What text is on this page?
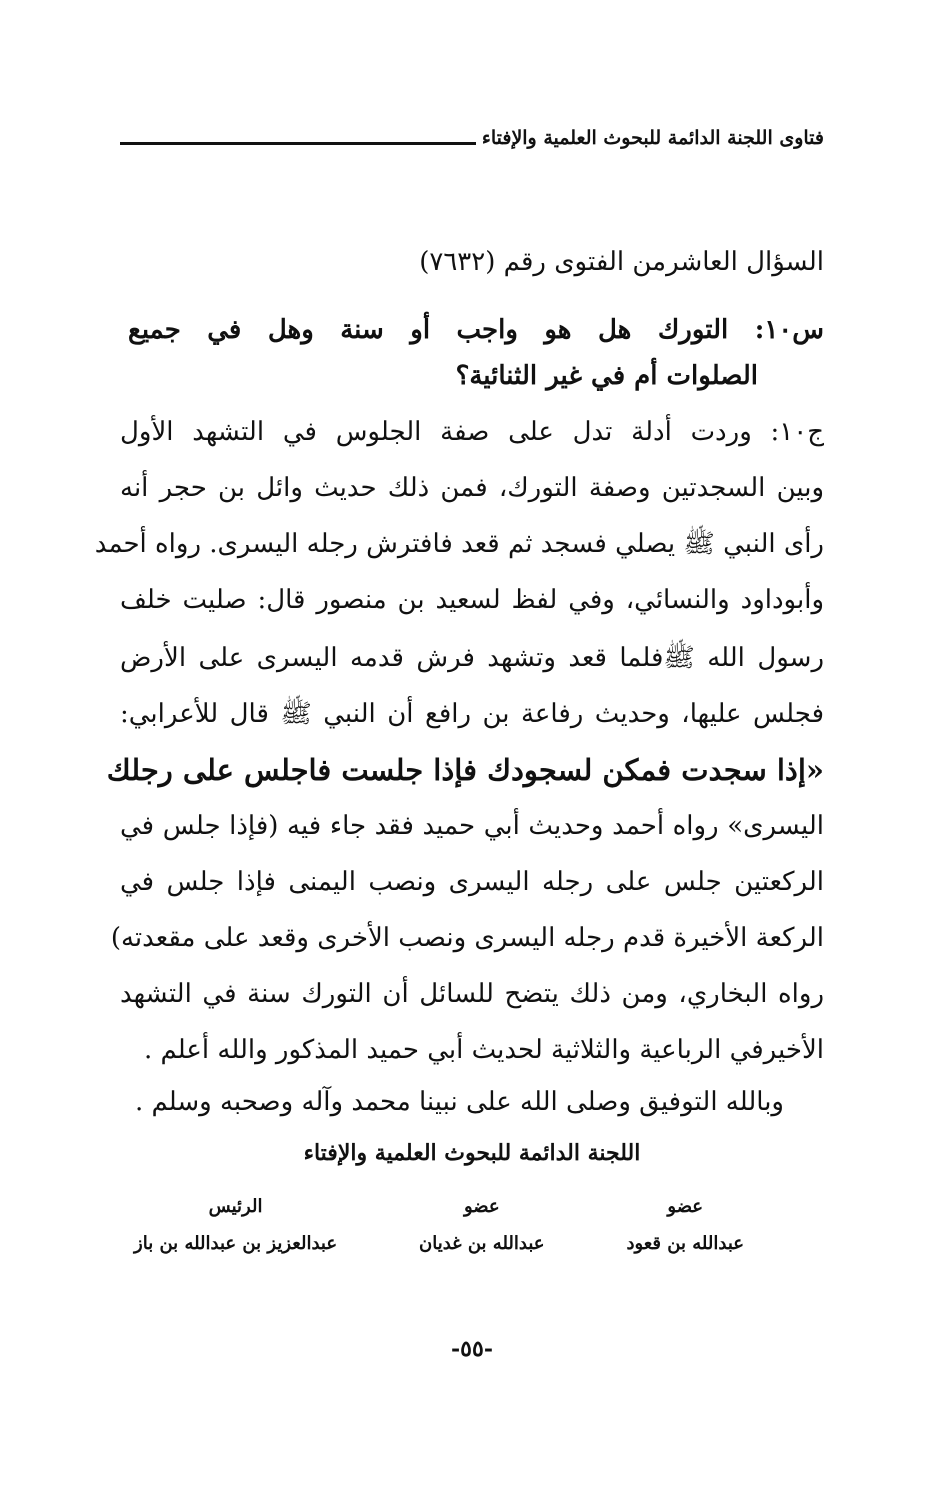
فتاوى اللجنة الدائمة للبحوث العلمية والإفتاء
السؤال العاشرمن الفتوى رقم (٧٦٣٢)
س١٠: التورك هل هو واجب أو سنة وهل في جميع
الصلوات أم في غير الثنائية؟
ج١٠: وردت أدلة تدل على صفة الجلوس في التشهد الأول
وبين السجدتين وصفة التورك، فمن ذلك حديث وائل بن حجر أنه
رأى النبي ﷺ يصلي فسجد ثم قعد فافترش رجله اليسرى. رواه أحمد
وأبوداود والنسائي، وفي لفظ لسعيد بن منصور قال: صليت خلف
رسول الله ﷺفلما قعد وتشهد فرش قدمه اليسرى على الأرض
فجلس عليها، وحديث رفاعة بن رافع أن النبي ﷺ قال للأعرابي:
«إذا سجدت فمكن لسجودك فإذا جلست فاجلس على رجلك
اليسرى» رواه أحمد وحديث أبي حميد فقد جاء فيه (فإذا جلس في
الركعتين جلس على رجله اليسرى ونصب اليمنى فإذا جلس في
الركعة الأخيرة قدم رجله اليسرى ونصب الأخرى وقعد على مقعدته)
رواه البخاري، ومن ذلك يتضح للسائل أن التورك سنة في التشهد
الأخيرفي الرباعية والثلاثية لحديث أبي حميد المذكور والله أعلم .
وبالله التوفيق وصلى الله على نبينا محمد وآله وصحبه وسلم .
اللجنة الدائمة للبحوث العلمية والإفتاء
عضو
عبدالله بن قعود
عضو
عبدالله بن غديان
الرئيس
عبدالعزيز بن عبدالله بن باز
-٥٥-
